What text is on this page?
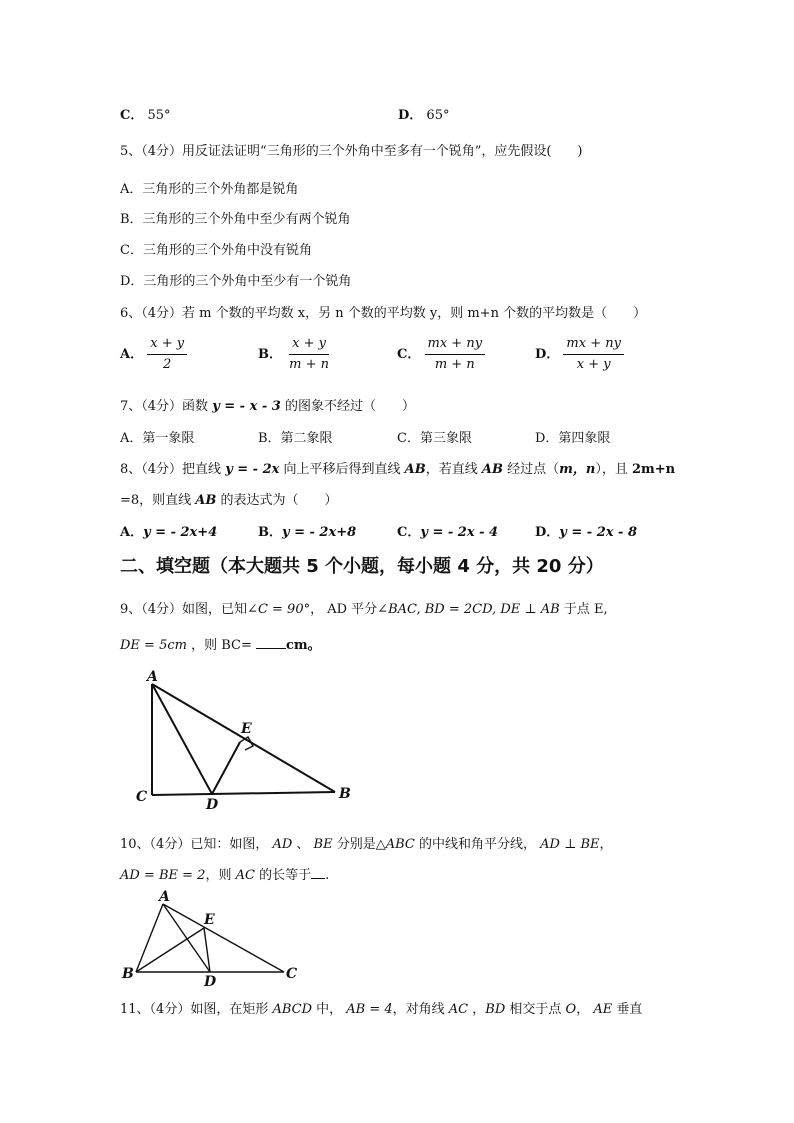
C． 55°	D． 65°
5、（4分）用反证法证明“三角形的三个外角中至多有一个锐角”，应先假设(　　)
A．三角形的三个外角都是锐角
B．三角形的三个外角中至少有两个锐角
C．三角形的三个外角中没有锐角
D．三角形的三个外角中至少有一个锐角
6、（4分）若 m 个数的平均数 x，另 n 个数的平均数 y，则 m+n 个数的平均数是（　　）
A． $\frac{x + y}{2}$	B． $\frac{x + y}{m + n}$	C． $\frac{mx + ny}{m + n}$	D． $\frac{mx + ny}{x + y}$
7、（4分）函数 y = - x - 3 的图象不经过（　　）
A．第一象限	B．第二象限	C．第三象限	D．第四象限
8、（4分）把直线 y = - 2x 向上平移后得到直线 AB，若直线 AB 经过点（m，n），且 2m+n
=8，则直线 AB 的表达式为（　　）
A．y = - 2x+4	B．y = - 2x+8	C．y = - 2x - 4	D．y = - 2x - 8
二、填空题（本大题共 5 个小题，每小题 4 分，共 20 分）
9、（4分）如图，已知∠C = 90°， AD 平分∠BAC, BD = 2CD, DE ⊥ AB 于点 E,
DE = 5cm ，则 BC= cm。
A
E
C	D
B
10、（4分）已知：如图， AD 、 BE 分别是△ABC 的中线和角平分线， AD ⊥ BE，
AD = BE = 2，则 AC 的长等于 .
A
E
B	D	C
11、（4分）如图，在矩形 ABCD 中， AB = 4，对角线 AC ，BD 相交于点 O， AE 垂直
